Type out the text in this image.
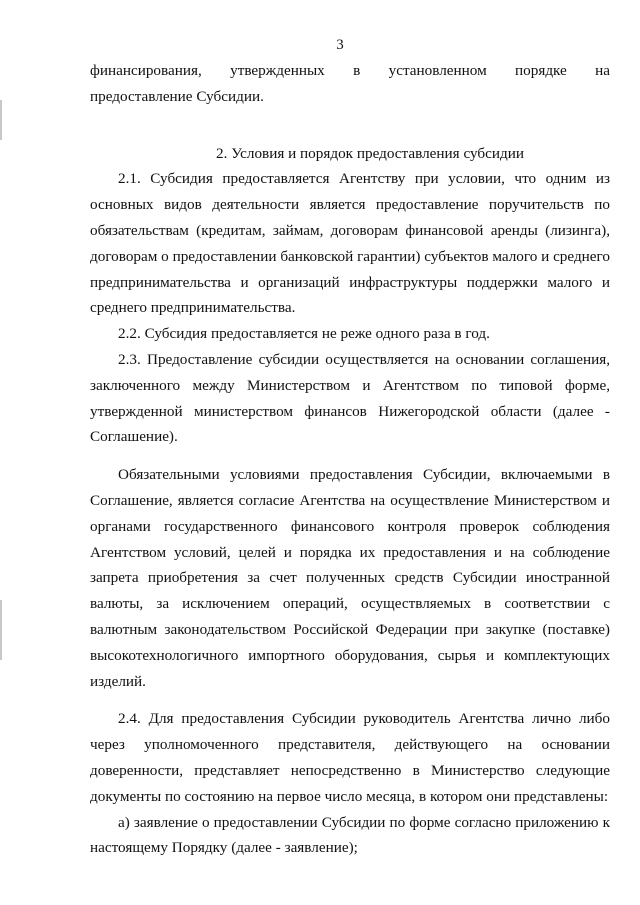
3

финансирования, утвержденных в установленном порядке на

предоставление Субсидии.

2. Условия и порядок предоставления субсидии

2.1. Субсидия предоставляется Агентству при условии, что одним из основных видов деятельности является предоставление поручительств по обязательствам (кредитам, займам, договорам финансовой аренды (лизинга), договорам о предоставлении банковской гарантии) субъектов малого и среднего предпринимательства и организаций инфраструктуры поддержки малого и среднего предпринимательства.

2.2. Субсидия предоставляется не реже одного раза в год.

2.3. Предоставление субсидии осуществляется на основании соглашения, заключенного между Министерством и Агентством по типовой форме, утвержденной министерством финансов Нижегородской области (далее - Соглашение).

Обязательными условиями предоставления Субсидии, включаемыми в Соглашение, является согласие Агентства на осуществление Министерством и органами государственного финансового контроля проверок соблюдения Агентством условий, целей и порядка их предоставления и на соблюдение запрета приобретения за счет полученных средств Субсидии иностранной валюты, за исключением операций, осуществляемых в соответствии с валютным законодательством Российской Федерации при закупке (поставке) высокотехнологичного импортного оборудования, сырья и комплектующих изделий.

2.4. Для предоставления Субсидии руководитель Агентства лично либо через уполномоченного представителя, действующего на основании доверенности, представляет непосредственно в Министерство следующие документы по состоянию на первое число месяца, в котором они представлены:

а) заявление о предоставлении Субсидии по форме согласно приложению к настоящему Порядку (далее - заявление);
